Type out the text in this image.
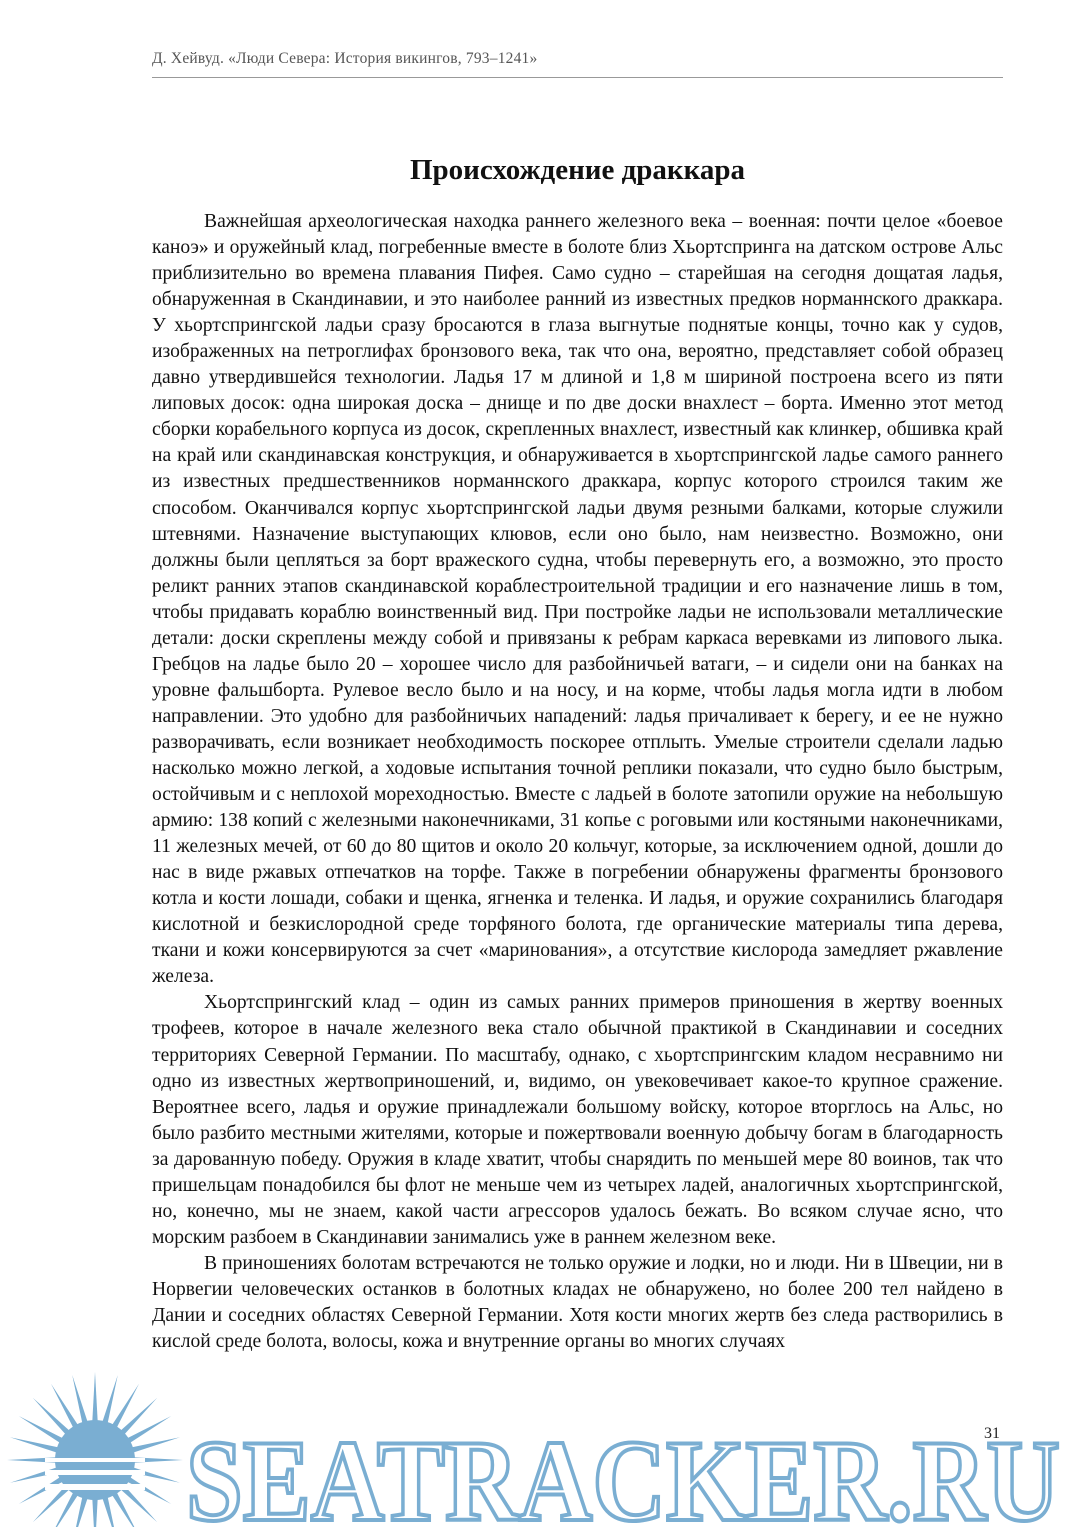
Д. Хейвуд. «Люди Севера: История викингов, 793–1241»
Происхождение драккара

Важнейшая археологическая находка раннего железного века – военная: почти целое «боевое каноэ» и оружейный клад, погребенные вместе в болоте близ Хьортспринга на датском острове Альс приблизительно во времена плавания Пифея. Само судно – старейшая на сегодня дощатая ладья, обнаруженная в Скандинавии, и это наиболее ранний из известных предков норманнского драккара. У хьортспрингской ладьи сразу бросаются в глаза выгнутые поднятые концы, точно как у судов, изображенных на петроглифах бронзового века, так что она, вероятно, представляет собой образец давно утвердившейся технологии. Ладья 17 м длиной и 1,8 м шириной построена всего из пяти липовых досок: одна широкая доска – днище и по две доски внахлест – борта. Именно этот метод сборки корабельного корпуса из досок, скрепленных внахлест, известный как клинкер, обшивка край на край или скандинавская конструкция, и обнаруживается в хьортспрингской ладье самого раннего из известных предшественников норманнского драккара, корпус которого строился таким же способом. Оканчивался корпус хьортспрингской ладьи двумя резными балками, которые служили штевнями. Назначение выступающих клювов, если оно было, нам неизвестно. Возможно, они должны были цепляться за борт вражеского судна, чтобы перевернуть его, а возможно, это просто реликт ранних этапов скандинавской кораблестроительной традиции и его назначение лишь в том, чтобы придавать кораблю воинственный вид. При постройке ладьи не использовали металлические детали: доски скреплены между собой и привязаны к ребрам каркаса веревками из липового лыка. Гребцов на ладье было 20 – хорошее число для разбойничьей ватаги, – и сидели они на банках на уровне фальшборта. Рулевое весло было и на носу, и на корме, чтобы ладья могла идти в любом направлении. Это удобно для разбойничьих нападений: ладья причаливает к берегу, и ее не нужно разворачивать, если возникает необходимость поскорее отплыть. Умелые строители сделали ладью насколько можно легкой, а ходовые испытания точной реплики показали, что судно было быстрым, остойчивым и с неплохой мореходностью. Вместе с ладьей в болоте затопили оружие на небольшую армию: 138 копий с железными наконечниками, 31 копье с роговыми или костяными наконечниками, 11 железных мечей, от 60 до 80 щитов и около 20 кольчуг, которые, за исключением одной, дошли до нас в виде ржавых отпечатков на торфе. Также в погребении обнаружены фрагменты бронзового котла и кости лошади, собаки и щенка, ягненка и теленка. И ладья, и оружие сохранились благодаря кислотной и безкислородной среде торфяного болота, где органические материалы типа дерева, ткани и кожи консервируются за счет «маринования», а отсутствие кислорода замедляет ржавление железа.

Хьортспрингский клад – один из самых ранних примеров приношения в жертву военных трофеев, которое в начале железного века стало обычной практикой в Скандинавии и соседних территориях Северной Германии. По масштабу, однако, с хьортспрингским кладом несравнимо ни одно из известных жертвоприношений, и, видимо, он увековечивает какое-то крупное сражение. Вероятнее всего, ладья и оружие принадлежали большому войску, которое вторглось на Альс, но было разбито местными жителями, которые и пожертвовали военную добычу богам в благодарность за дарованную победу. Оружия в кладе хватит, чтобы снарядить по меньшей мере 80 воинов, так что пришельцам понадобился бы флот не меньше чем из четырех ладей, аналогичных хьортспрингской, но, конечно, мы не знаем, какой части агрессоров удалось бежать. Во всяком случае ясно, что морским разбоем в Скандинавии занимались уже в раннем железном веке.

В приношениях болотам встречаются не только оружие и лодки, но и люди. Ни в Швеции, ни в Норвегии человеческих останков в болотных кладах не обнаружено, но более 200 тел найдено в Дании и соседних областях Северной Германии. Хотя кости многих жертв без следа растворились в кислой среде болота, волосы, кожа и внутренние органы во многих случаях

SEATRACKER.RU
31
